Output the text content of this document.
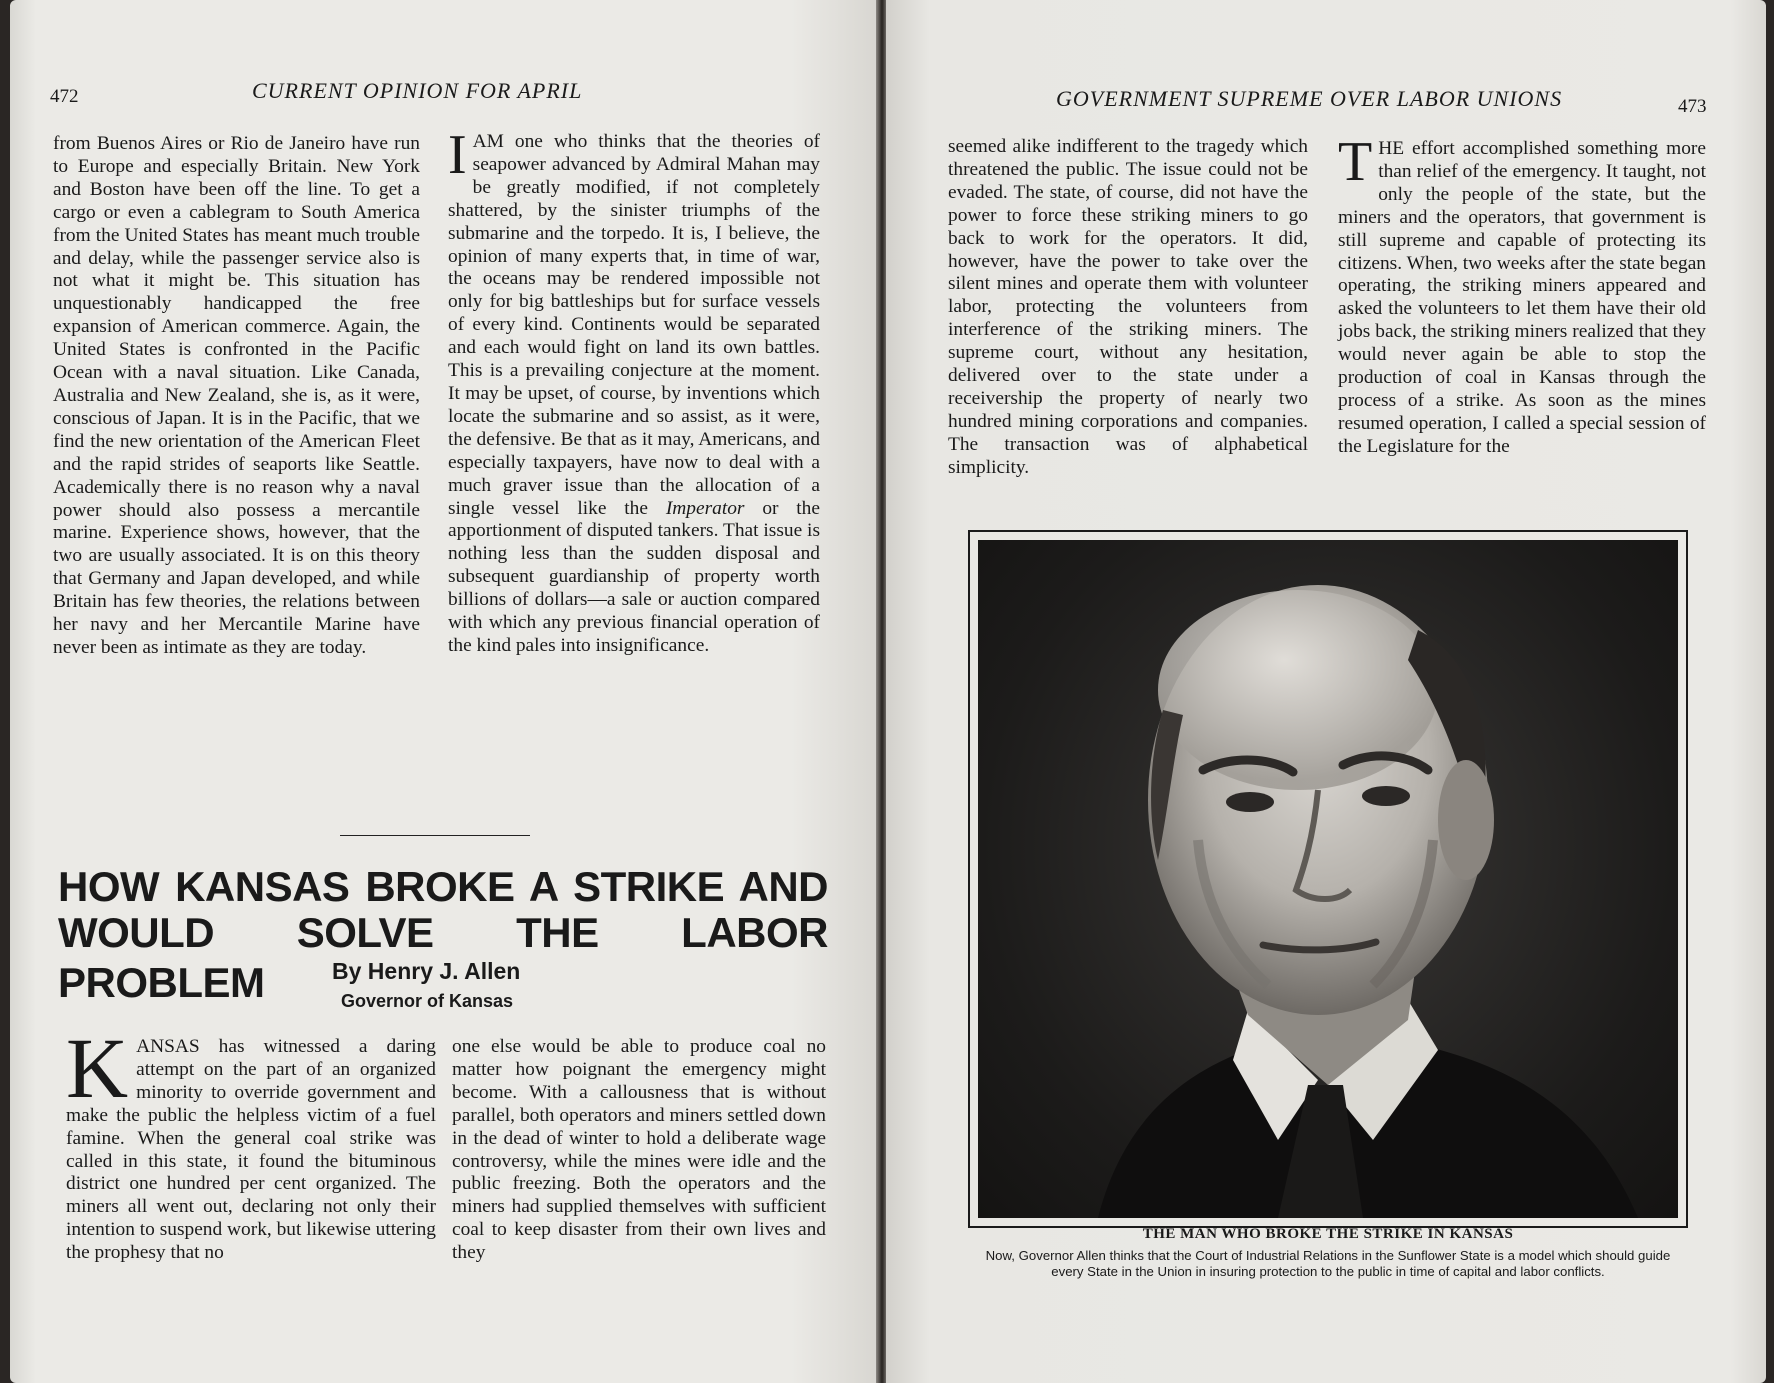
472	CURRENT OPINION FOR APRIL

from Buenos Aires or Rio de Janeiro have run to Europe and especially Britain. New York and Boston have been off the line. To get a cargo or even a cablegram to South America from the United States has meant much trouble and delay, while the passenger service also is not what it might be. This situation has unquestionably handicapped the free expansion of American commerce. Again, the United States is confronted in the Pacific Ocean with a naval situation. Like Canada, Australia and New Zealand, she is, as it were, conscious of Japan. It is in the Pacific, that we find the new orientation of the American Fleet and the rapid strides of seaports like Seattle. Academically there is no reason why a naval power should also possess a mercantile marine. Experience shows, however, that the two are usually associated. It is on this theory that Germany and Japan developed, and while Britain has few theories, the relations between her navy and her Mercantile Marine have never been as intimate as they are today.

I AM one who thinks that the theories of seapower advanced by Admiral Mahan may be greatly modified, if not completely shattered, by the sinister triumphs of the submarine and the torpedo. It is, I believe, the opinion of many experts that, in time of war, the oceans may be rendered impossible not only for big battleships but for surface vessels of every kind. Continents would be separated and each would fight on land its own battles. This is a prevailing conjecture at the moment. It may be upset, of course, by inventions which locate the submarine and so assist, as it were, the defensive. Be that as it may, Americans, and especially taxpayers, have now to deal with a much graver issue than the allocation of a single vessel like the Imperator or the apportionment of disputed tankers. That issue is nothing less than the sudden disposal and subsequent guardianship of property worth billions of dollars—a sale or auction compared with which any previous financial operation of the kind pales into insignificance.

HOW KANSAS BROKE A STRIKE AND
WOULD SOLVE THE LABOR PROBLEM	By Henry J. Allen
Governor of Kansas

K ANSAS has witnessed a daring attempt on the part of an organized minority to override government and make the public the helpless victim of a fuel famine. When the general coal strike was called in this state, it found the bituminous district one hundred per cent organized. The miners all went out, declaring not only their intention to suspend work, but likewise uttering the prophesy that no

one else would be able to produce coal no matter how poignant the emergency might become. With a callousness that is without parallel, both operators and miners settled down in the dead of winter to hold a deliberate wage controversy, while the mines were idle and the public freezing. Both the operators and the miners had supplied themselves with sufficient coal to keep disaster from their own lives and they

GOVERNMENT SUPREME OVER LABOR UNIONS	473

seemed alike indifferent to the tragedy which threatened the public. The issue could not be evaded. The state, of course, did not have the power to force these striking miners to go back to work for the operators. It did, however, have the power to take over the silent mines and operate them with volunteer labor, protecting the volunteers from interference of the striking miners. The supreme court, without any hesitation, delivered over to the state under a receivership the property of nearly two hundred mining corporations and companies. The transaction was of alphabetical simplicity.

T HE effort accomplished something more than relief of the emergency. It taught, not only the people of the state, but the miners and the operators, that government is still supreme and capable of protecting its citizens. When, two weeks after the state began operating, the striking miners appeared and asked the volunteers to let them have their old jobs back, the striking miners realized that they would never again be able to stop the production of coal in Kansas through the process of a strike. As soon as the mines resumed operation, I called a special session of the Legislature for the

THE MAN WHO BROKE THE STRIKE IN KANSAS
Now, Governor Allen thinks that the Court of Industrial Relations in the Sunflower State is a model which should guide every State in the Union in insuring protection to the public in time of capital and labor conflicts.
